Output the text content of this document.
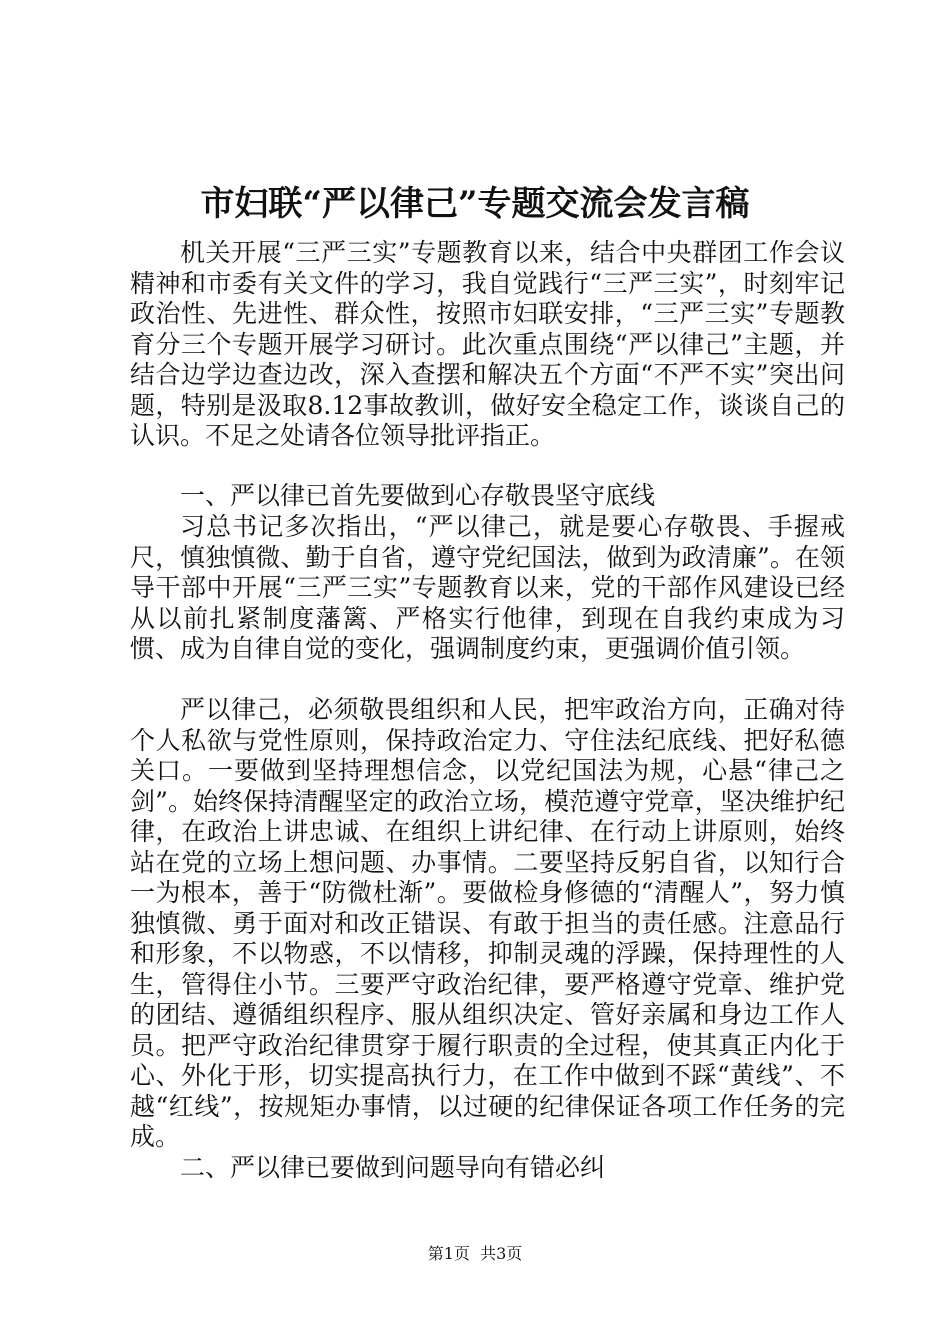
市妇联“严以律己”专题交流会发言稿

机关开展“三严三实”专题教育以来，结合中央群团工作会议精神和市委有关文件的学习，我自觉践行“三严三实”，时刻牢记政治性、先进性、群众性，按照市妇联安排，“三严三实”专题教育分三个专题开展学习研讨。此次重点围绕“严以律己”主题，并结合边学边查边改，深入查摆和解决五个方面“不严不实”突出问题，特别是汲取8.12事故教训，做好安全稳定工作，谈谈自己的认识。不足之处请各位领导批评指正。

一、严以律已首先要做到心存敬畏坚守底线

习总书记多次指出，“严以律己，就是要心存敬畏、手握戒尺，慎独慎微、勤于自省，遵守党纪国法，做到为政清廉”。在领导干部中开展“三严三实”专题教育以来，党的干部作风建设已经从以前扎紧制度藩篱、严格实行他律，到现在自我约束成为习惯、成为自律自觉的变化，强调制度约束，更强调价值引领。

严以律己，必须敬畏组织和人民，把牢政治方向，正确对待个人私欲与党性原则，保持政治定力、守住法纪底线、把好私德关口。一要做到坚持理想信念，以党纪国法为规，心悬“律己之剑”。始终保持清醒坚定的政治立场，模范遵守党章，坚决维护纪律，在政治上讲忠诚、在组织上讲纪律、在行动上讲原则，始终站在党的立场上想问题、办事情。二要坚持反躬自省，以知行合一为根本，善于“防微杜渐”。要做检身修德的“清醒人”，努力慎独慎微、勇于面对和改正错误、有敢于担当的责任感。注意品行和形象，不以物惑，不以情移，抑制灵魂的浮躁，保持理性的人生，管得住小节。三要严守政治纪律，要严格遵守党章、维护党的团结、遵循组织程序、服从组织决定、管好亲属和身边工作人员。把严守政治纪律贯穿于履行职责的全过程，使其真正内化于心、外化于形，切实提高执行力，在工作中做到不踩“黄线”、不越“红线”，按规矩办事情，以过硬的纪律保证各项工作任务的完成。

二、严以律已要做到问题导向有错必纠

第1页  共3页
